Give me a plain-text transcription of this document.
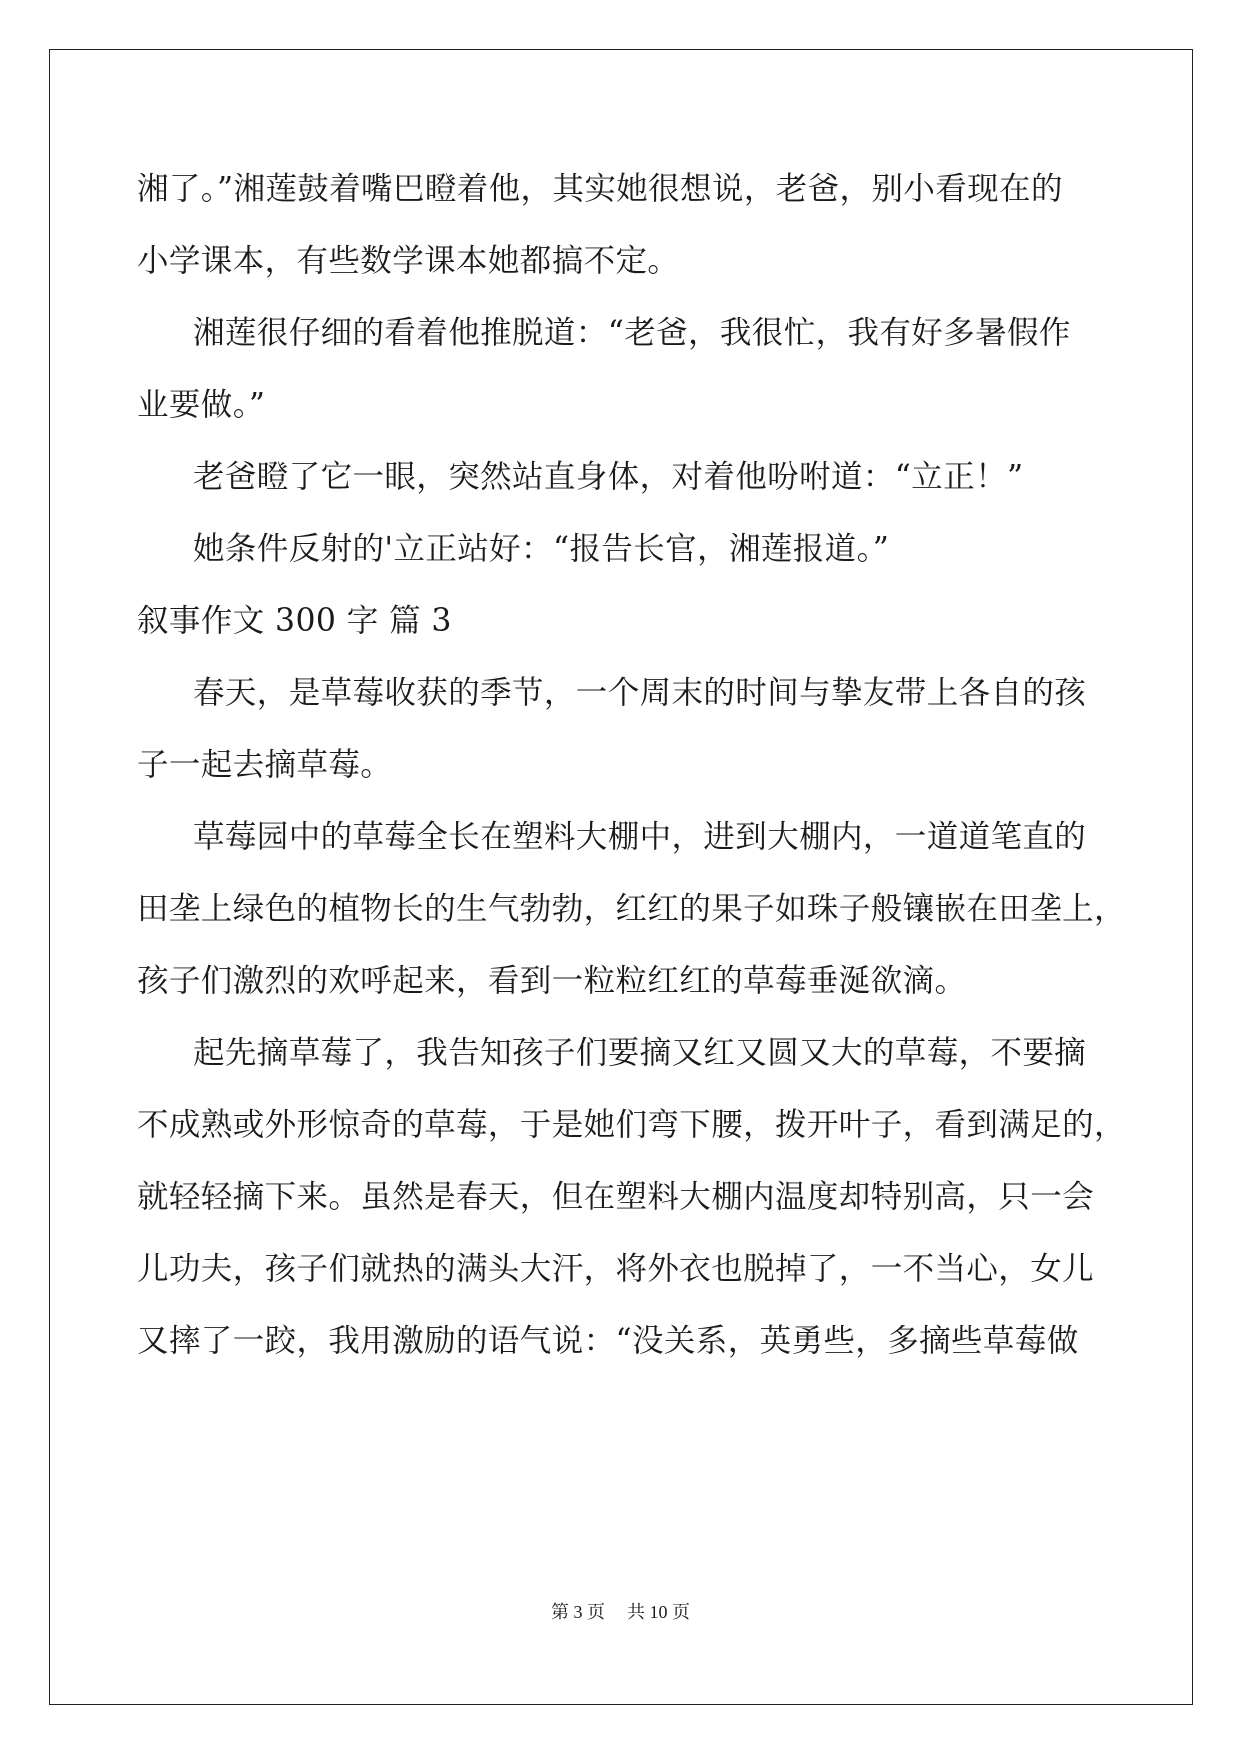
湘了。”湘莲鼓着嘴巴瞪着他，其实她很想说，老爸，别小看现在的
小学课本，有些数学课本她都搞不定。
湘莲很仔细的看着他推脱道：“老爸，我很忙，我有好多暑假作
业要做。”
老爸瞪了它一眼，突然站直身体，对着他吩咐道：“立正！”
她条件反射的'立正站好：“报告长官，湘莲报道。”
叙事作文 300 字 篇 3
春天，是草莓收获的季节，一个周末的时间与挚友带上各自的孩
子一起去摘草莓。
草莓园中的草莓全长在塑料大棚中，进到大棚内，一道道笔直的
田垄上绿色的植物长的生气勃勃，红红的果子如珠子般镶嵌在田垄上，
孩子们激烈的欢呼起来，看到一粒粒红红的草莓垂涎欲滴。
起先摘草莓了，我告知孩子们要摘又红又圆又大的草莓，不要摘
不成熟或外形惊奇的草莓，于是她们弯下腰，拨开叶子，看到满足的，
就轻轻摘下来。虽然是春天，但在塑料大棚内温度却特别高，只一会
儿功夫，孩子们就热的满头大汗，将外衣也脱掉了，一不当心，女儿
又摔了一跤，我用激励的语气说：“没关系，英勇些，多摘些草莓做
第 3 页 共 10 页
